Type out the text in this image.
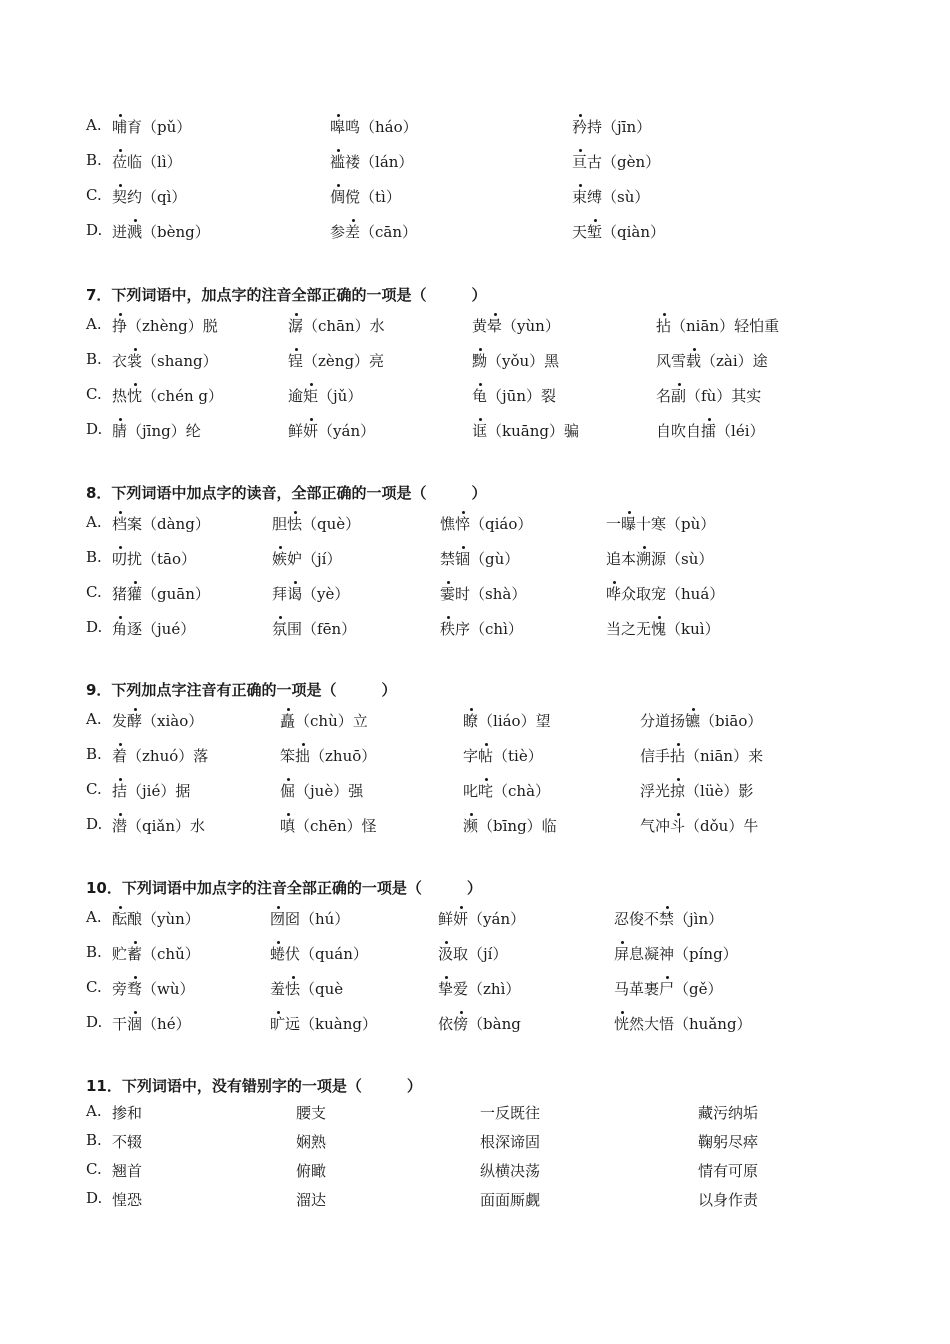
A. 哺育（pǔ）	嗥鸣（háo）	矜持（jīn）
B. 莅临（lì）	褴褛（lán）	亘古（gèn）
C. 契约（qì）	倜傥（tì）	束缚（sù）
D. 迸溅（bèng）	参差（cān）	天堑（qiàn）
7．下列词语中，加点字的注音全部正确的一项是（　　　）
A. 挣（zhèng）脱	潺（chān）水	黄晕（yùn）	拈（niān）轻怕重
B. 衣裳（shang）	锃（zèng）亮	黝（yǒu）黑	风雪载（zài）途
C. 热忱（chén g）	逾矩（jǔ）	龟（jūn）裂	名副（fù）其实
D. 腈（jīng）纶	鲜妍（yán）	诓（kuāng）骗	自吹自擂（léi）
8．下列词语中加点字的读音，全部正确的一项是（　　　）
A. 档案（dàng）	胆怯（què）	憔悴（qiáo）	一曝十寒（pù）
B. 叨扰（tāo）	嫉妒（jí）	禁锢（gù）	追本溯源（sù）
C. 猪獾（guān）	拜谒（yè）	霎时（shà）	哗众取宠（huá）
D. 角逐（jué）	氛围（fēn）	秩序（chì）	当之无愧（kuì）
9．下列加点字注音有正确的一项是（　　　）
A. 发酵（xiào）	矗（chù）立	瞭（liáo）望	分道扬镳（biāo）
B. 着（zhuó）落	笨拙（zhuō）	字帖（tiè）	信手拈（niān）来
C. 拮（jié）据	倔（juè）强	叱咤（chà）	浮光掠（lüè）影
D. 潜（qiǎn）水	嗔（chēn）怪	濒（bīng）临	气冲斗（dǒu）牛
10．下列词语中加点字的注音全部正确的一项是（　　　）
A. 酝酿（yùn）	囫囵（hú）	鲜妍（yán）	忍俊不禁（jìn）
B. 贮蓄（chǔ）	蜷伏（quán）	汲取（jí）	屏息凝神（píng）
C. 旁骛（wù）	羞怯（què	挚爱（zhì）	马革裹尸（gě）
D. 干涸（hé）	旷远（kuàng）	依傍（bàng	恍然大悟（huǎng）
11．下列词语中，没有错别字的一项是（　　　）
A. 掺和	腰支	一反既往	藏污纳垢
B. 不辍	娴熟	根深谛固	鞠躬尽瘁
C. 翘首	俯瞰	纵横决荡	情有可原
D. 惶恐	溜达	面面厮觑	以身作责
